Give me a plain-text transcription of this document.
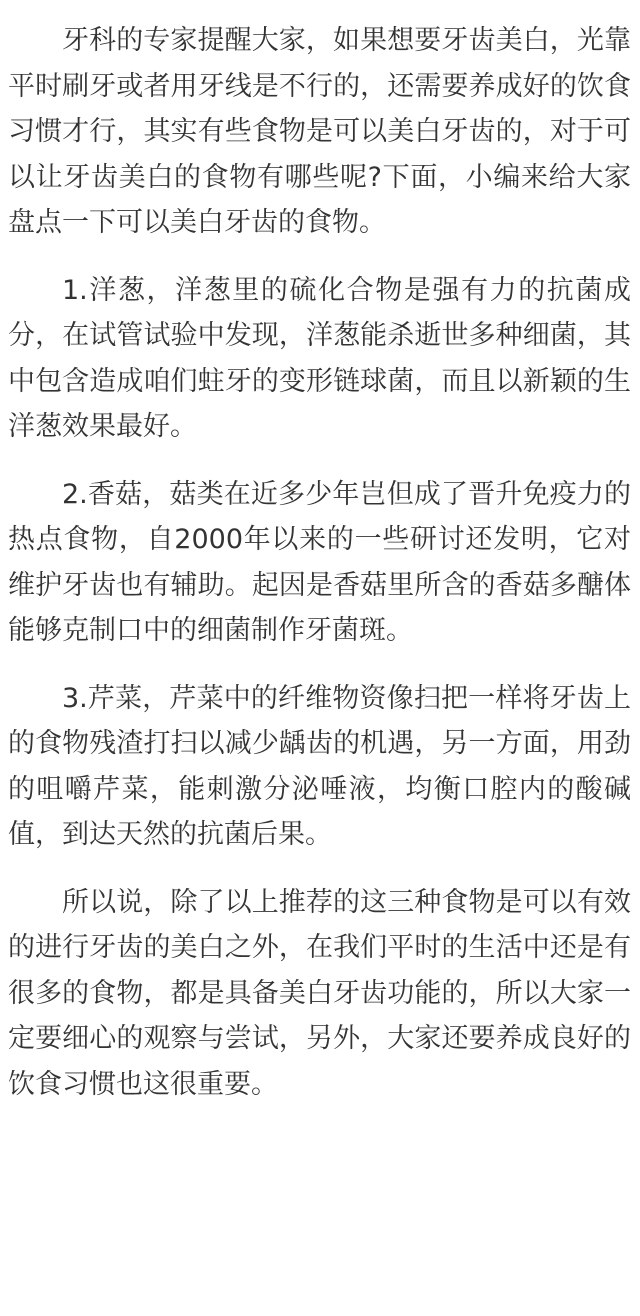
牙科的专家提醒大家，如果想要牙齿美白，光靠平时刷牙或者用牙线是不行的，还需要养成好的饮食习惯才行，其实有些食物是可以美白牙齿的，对于可以让牙齿美白的食物有哪些呢?下面，小编来给大家盘点一下可以美白牙齿的食物。

1.洋葱，洋葱里的硫化合物是强有力的抗菌成分，在试管试验中发现，洋葱能杀逝世多种细菌，其中包含造成咱们蛀牙的变形链球菌，而且以新颖的生洋葱效果最好。

2.香菇，菇类在近多少年岂但成了晋升免疫力的热点食物，自2000年以来的一些研讨还发明，它对维护牙齿也有辅助。起因是香菇里所含的香菇多醣体能够克制口中的细菌制作牙菌斑。

3.芹菜，芹菜中的纤维物资像扫把一样将牙齿上的食物残渣打扫以减少龋齿的机遇，另一方面，用劲的咀嚼芹菜，能刺激分泌唾液，均衡口腔内的酸碱值，到达天然的抗菌后果。

所以说，除了以上推荐的这三种食物是可以有效的进行牙齿的美白之外，在我们平时的生活中还是有很多的食物，都是具备美白牙齿功能的，所以大家一定要细心的观察与尝试，另外，大家还要养成良好的饮食习惯也这很重要。
